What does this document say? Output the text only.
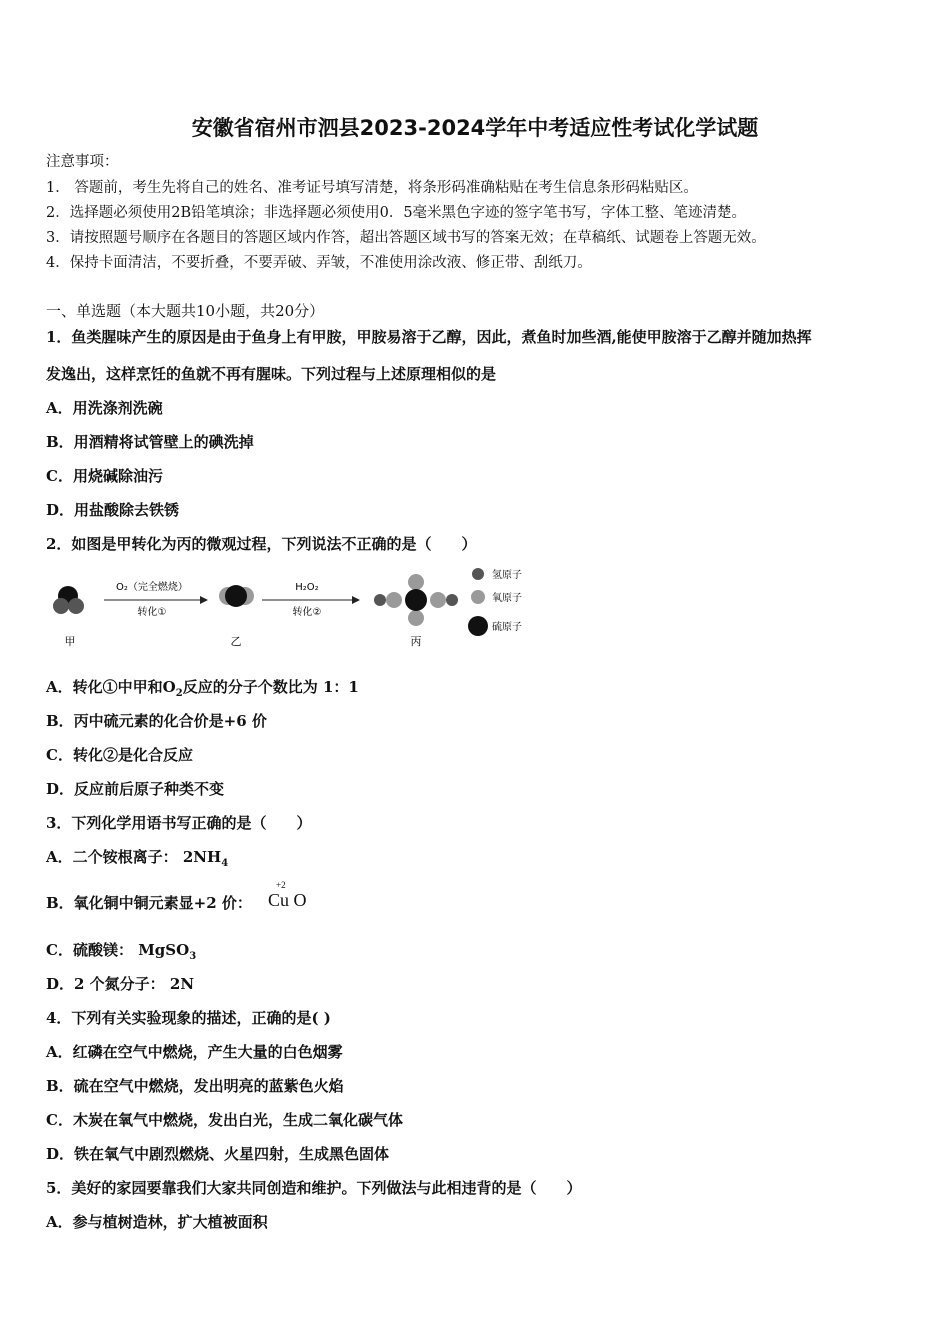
安徽省宿州市泗县2023-2024学年中考适应性考试化学试题
注意事项：
1． 答题前，考生先将自己的姓名、准考证号填写清楚，将条形码准确粘贴在考生信息条形码粘贴区。
2．选择题必须使用2B铅笔填涂；非选择题必须使用0．5毫米黑色字迹的签字笔书写，字体工整、笔迹清楚。
3．请按照题号顺序在各题目的答题区域内作答，超出答题区域书写的答案无效；在草稿纸、试题卷上答题无效。
4．保持卡面清洁，不要折叠，不要弄破、弄皱，不准使用涂改液、修正带、刮纸刀。
一、单选题（本大题共10小题，共20分）
1．鱼类腥味产生的原因是由于鱼身上有甲胺，甲胺易溶于乙醇，因此，煮鱼时加些酒,能使甲胺溶于乙醇并随加热挥
发逸出，这样烹饪的鱼就不再有腥味。下列过程与上述原理相似的是
A．用洗涤剂洗碗
B．用酒精将试管壁上的碘洗掉
C．用烧碱除油污
D．用盐酸除去铁锈
2．如图是甲转化为丙的微观过程，下列说法不正确的是（　　）
甲
O₂（完全燃烧）
转化①
乙
H₂O₂
转化②
丙
氢原子
氧原子
硫原子
A．转化①中甲和$O_2$反应的分子个数比为 1：1
B．丙中硫元素的化合价是+6 价
C．转化②是化合反应
D．反应前后原子种类不变
3．下列化学用语书写正确的是（　　）
A．二个铵根离子： $2NH_4$
B．氧化铜中铜元素显+2 价：
+2
Cu O
C．硫酸镁： MgSO$_3$
D．2 个氮分子： 2N
4．下列有关实验现象的描述，正确的是( )
A．红磷在空气中燃烧，产生大量的白色烟雾
B．硫在空气中燃烧，发出明亮的蓝紫色火焰
C．木炭在氧气中燃烧，发出白光，生成二氧化碳气体
D．铁在氧气中剧烈燃烧、火星四射，生成黑色固体
5．美好的家园要靠我们大家共同创造和维护。下列做法与此相违背的是（　　）
A．参与植树造林，扩大植被面积
